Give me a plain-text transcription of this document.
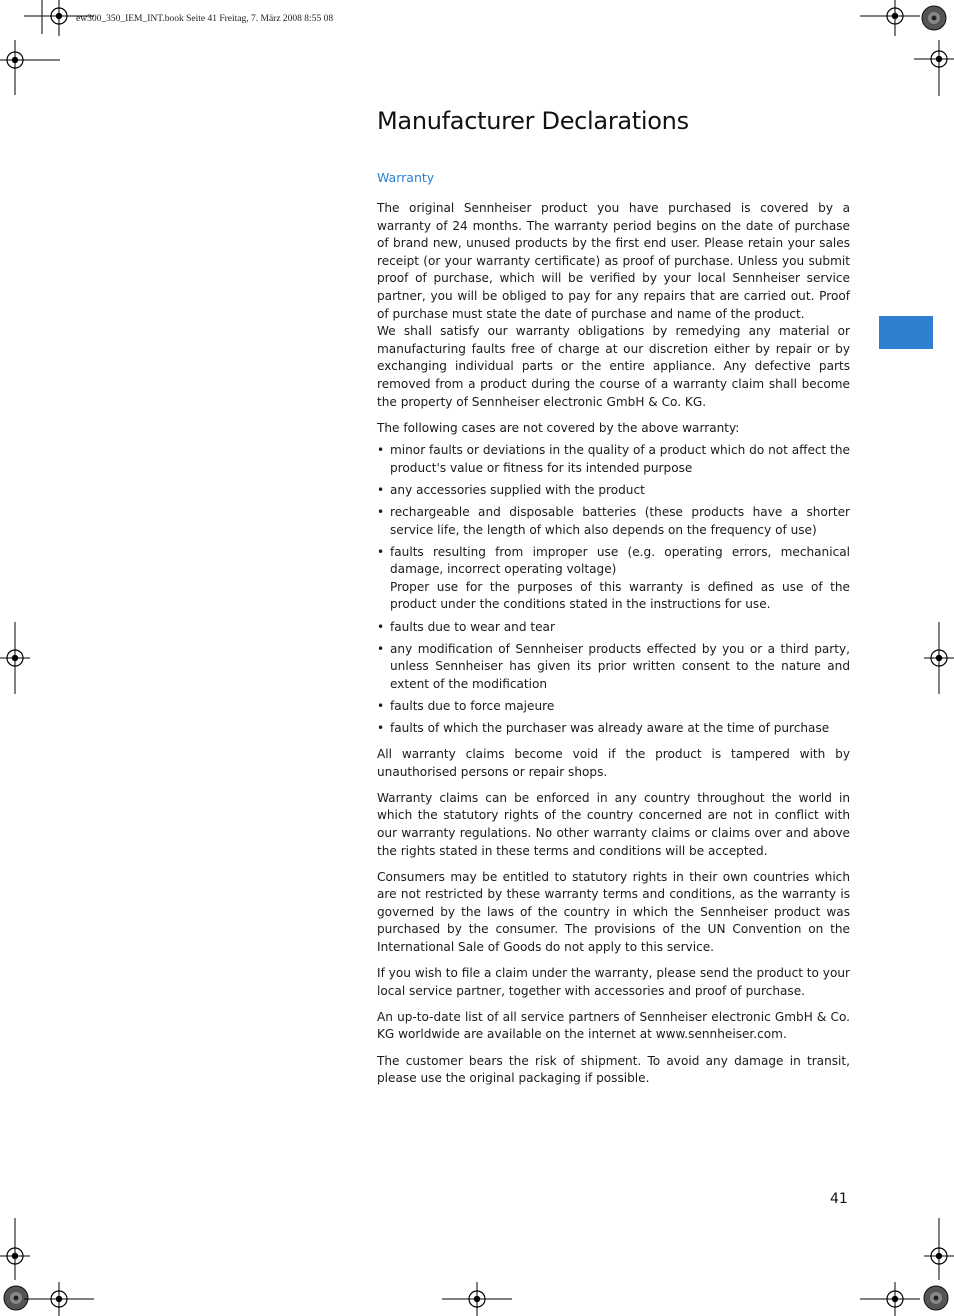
ew300_350_IEM_INT.book Seite 41 Freitag, 7. März 2008 8:55 08
Manufacturer Declarations
Warranty

The original Sennheiser product you have purchased is covered by a warranty of 24 months. The warranty period begins on the date of purchase of brand new, unused products by the first end user. Please retain your sales receipt (or your warranty certificate) as proof of purchase. Unless you submit proof of purchase, which will be verified by your local Sennheiser service partner, you will be obliged to pay for any repairs that are carried out. Proof of purchase must state the date of purchase and name of the product.

We shall satisfy our warranty obligations by remedying any material or manufacturing faults free of charge at our discretion either by repair or by exchanging individual parts or the entire appliance. Any defective parts removed from a product during the course of a warranty claim shall become the property of Sennheiser electronic GmbH & Co. KG.

The following cases are not covered by the above warranty:

• minor faults or deviations in the quality of a product which do not affect the product's value or fitness for its intended purpose
• any accessories supplied with the product
• rechargeable and disposable batteries (these products have a shorter service life, the length of which also depends on the frequency of use)
• faults resulting from improper use (e.g. operating errors, mechanical damage, incorrect operating voltage)
Proper use for the purposes of this warranty is defined as use of the product under the conditions stated in the instructions for use.
• faults due to wear and tear
• any modification of Sennheiser products effected by you or a third party, unless Sennheiser has given its prior written consent to the nature and extent of the modification
• faults due to force majeure
• faults of which the purchaser was already aware at the time of purchase

All warranty claims become void if the product is tampered with by unauthorised persons or repair shops.

Warranty claims can be enforced in any country throughout the world in which the statutory rights of the country concerned are not in conflict with our warranty regulations. No other warranty claims or claims over and above the rights stated in these terms and conditions will be accepted.

Consumers may be entitled to statutory rights in their own countries which are not restricted by these warranty terms and conditions, as the warranty is governed by the laws of the country in which the Sennheiser product was purchased by the consumer. The provisions of the UN Convention on the International Sale of Goods do not apply to this service.

If you wish to file a claim under the warranty, please send the product to your local service partner, together with accessories and proof of purchase.

An up-to-date list of all service partners of Sennheiser electronic GmbH & Co. KG worldwide are available on the internet at www.sennheiser.com.

The customer bears the risk of shipment. To avoid any damage in transit, please use the original packaging if possible.

41
